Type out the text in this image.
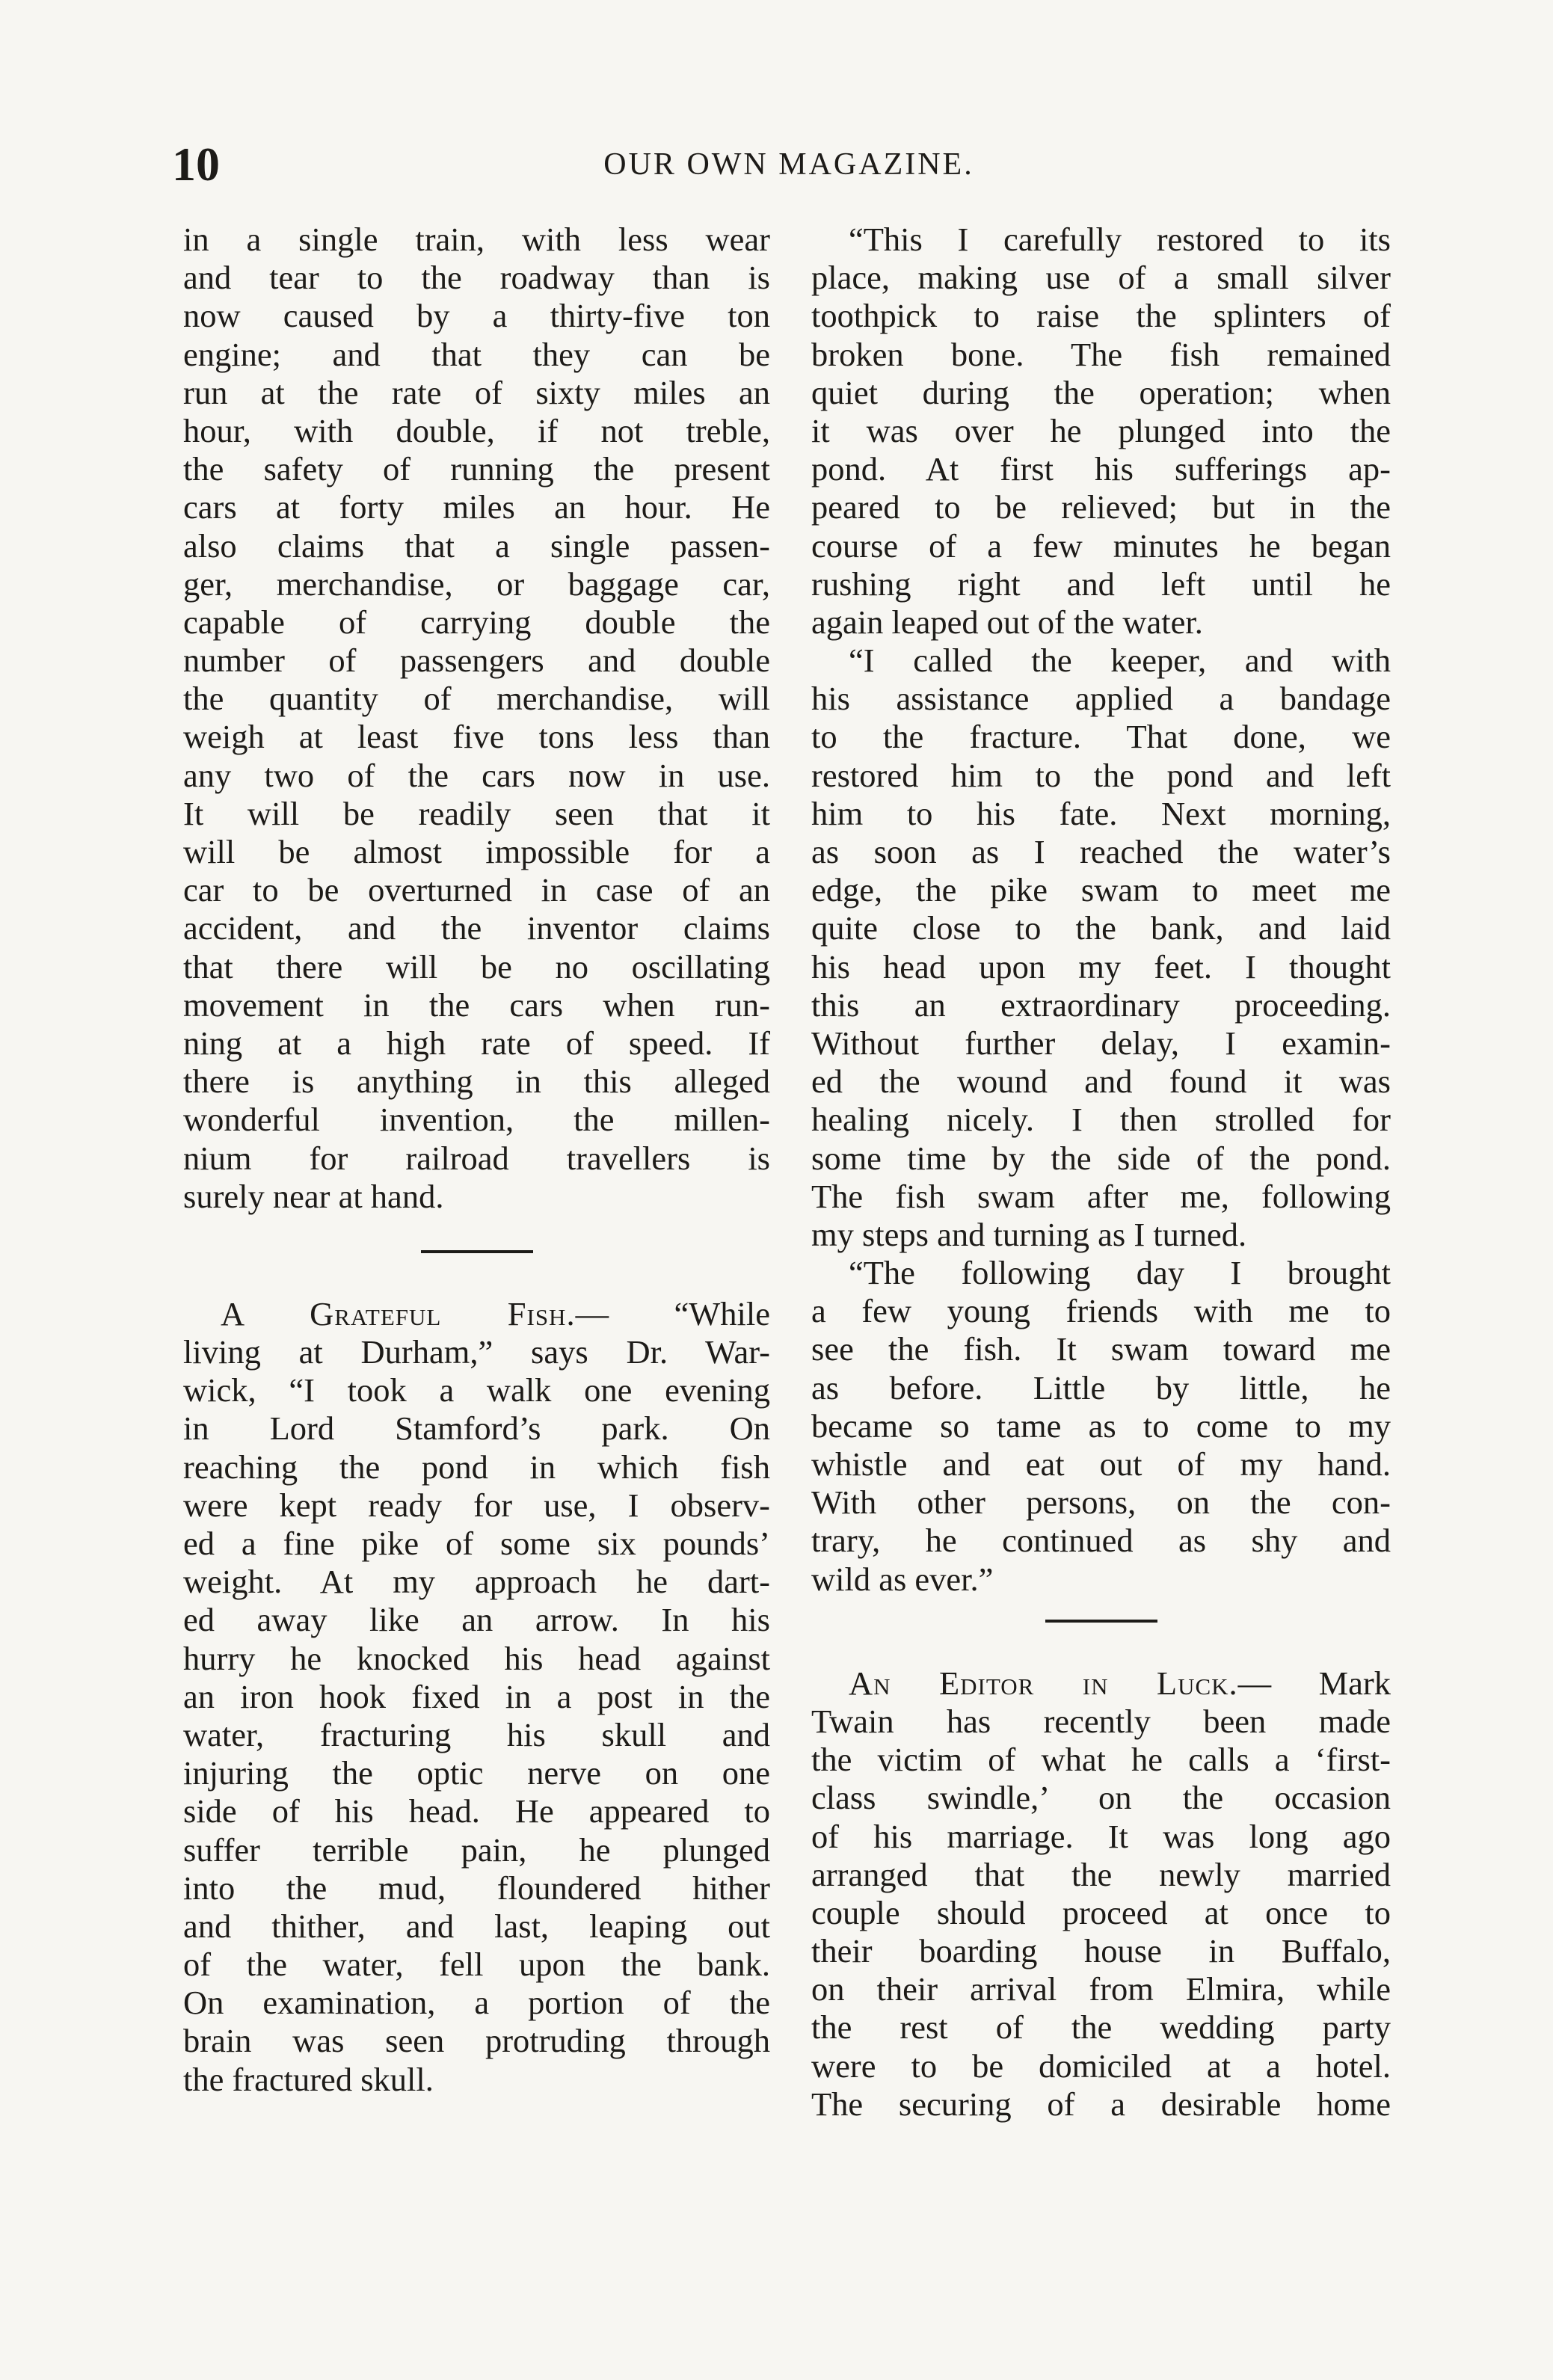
10	OUR OWN MAGAZINE.
in a single train, with less wear
and tear to the roadway than is
now caused by a thirty-five ton
engine; and that they can be
run at the rate of sixty miles an
hour, with double, if not treble,
the safety of running the present
cars at forty miles an hour. He
also claims that a single passen-
ger, merchandise, or baggage car,
capable of carrying double the
number of passengers and double
the quantity of merchandise, will
weigh at least five tons less than
any two of the cars now in use.
It will be readily seen that it
will be almost impossible for a
car to be overturned in case of an
accident, and the inventor claims
that there will be no oscillating
movement in the cars when run-
ning at a high rate of speed. If
there is anything in this alleged
wonderful invention, the millen-
nium for railroad travellers is
surely near at hand.
A Grateful Fish.— “While
living at Durham,” says Dr. War-
wick, “I took a walk one evening
in Lord Stamford’s park. On
reaching the pond in which fish
were kept ready for use, I observ-
ed a fine pike of some six pounds’
weight. At my approach he dart-
ed away like an arrow. In his
hurry he knocked his head against
an iron hook fixed in a post in the
water, fracturing his skull and
injuring the optic nerve on one
side of his head. He appeared to
suffer terrible pain, he plunged
into the mud, floundered hither
and thither, and last, leaping out
of the water, fell upon the bank.
On examination, a portion of the
brain was seen protruding through
the fractured skull.
“This I carefully restored to its
place, making use of a small silver
toothpick to raise the splinters of
broken bone. The fish remained
quiet during the operation; when
it was over he plunged into the
pond. At first his sufferings ap-
peared to be relieved; but in the
course of a few minutes he began
rushing right and left until he
again leaped out of the water.
“I called the keeper, and with
his assistance applied a bandage
to the fracture. That done, we
restored him to the pond and left
him to his fate. Next morning,
as soon as I reached the water’s
edge, the pike swam to meet me
quite close to the bank, and laid
his head upon my feet. I thought
this an extraordinary proceeding.
Without further delay, I examin-
ed the wound and found it was
healing nicely. I then strolled for
some time by the side of the pond.
The fish swam after me, following
my steps and turning as I turned.
“The following day I brought
a few young friends with me to
see the fish. It swam toward me
as before. Little by little, he
became so tame as to come to my
whistle and eat out of my hand.
With other persons, on the con-
trary, he continued as shy and
wild as ever.”
An Editor in Luck.— Mark
Twain has recently been made
the victim of what he calls a ‘first-
class swindle,’ on the occasion
of his marriage. It was long ago
arranged that the newly married
couple should proceed at once to
their boarding house in Buffalo,
on their arrival from Elmira, while
the rest of the wedding party
were to be domiciled at a hotel.
The securing of a desirable home
